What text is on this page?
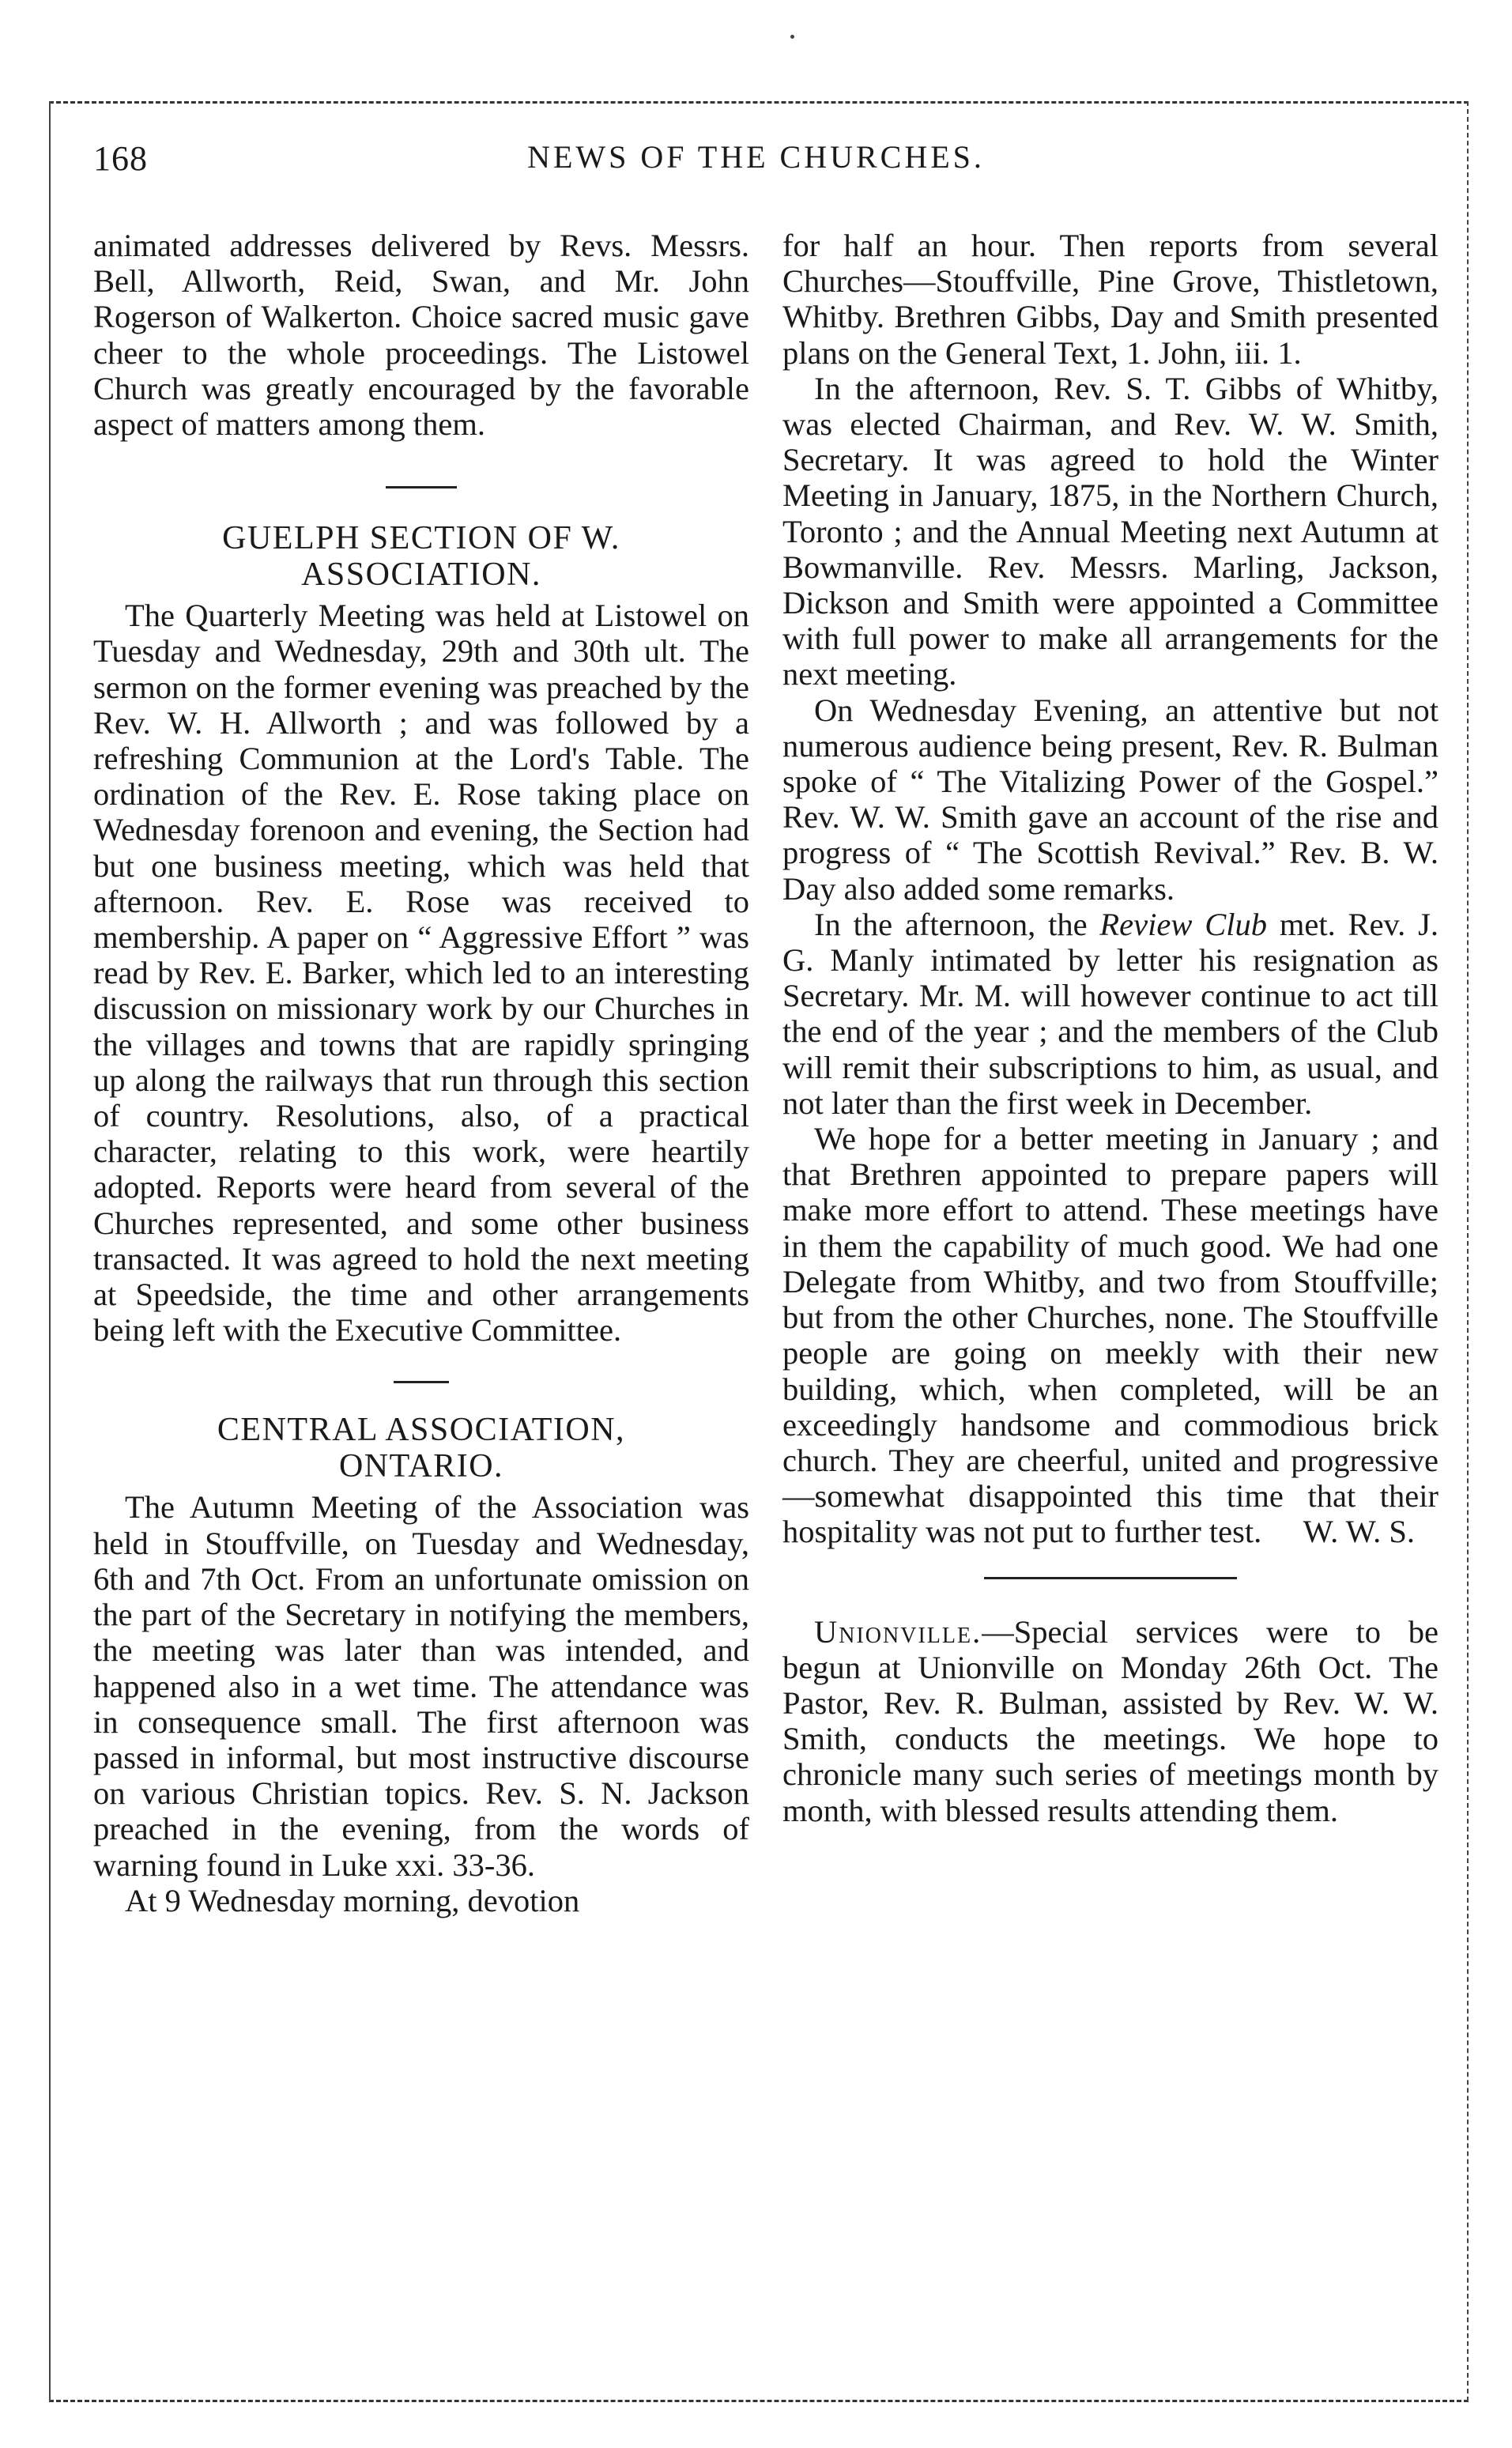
168	NEWS OF THE CHURCHES.

animated addresses delivered by Revs. Messrs. Bell, Allworth, Reid, Swan, and Mr. John Rogerson of Walkerton. Choice sacred music gave cheer to the whole proceedings. The Listowel Church was greatly encouraged by the favorable aspect of matters among them.

GUELPH SECTION OF W. ASSOCIATION.

The Quarterly Meeting was held at Listowel on Tuesday and Wednesday, 29th and 30th ult. The sermon on the former evening was preached by the Rev. W. H. Allworth ; and was followed by a refreshing Communion at the Lord's Table. The ordination of the Rev. E. Rose taking place on Wednesday forenoon and evening, the Section had but one business meeting, which was held that afternoon. Rev. E. Rose was received to membership. A paper on “ Aggressive Effort ” was read by Rev. E. Barker, which led to an interesting discussion on missionary work by our Churches in the villages and towns that are rapidly springing up along the railways that run through this section of country. Resolutions, also, of a practical character, relating to this work, were heartily adopted. Reports were heard from several of the Churches represented, and some other business transacted. It was agreed to hold the next meeting at Speedside, the time and other arrangements being left with the Executive Committee.

CENTRAL ASSOCIATION, ONTARIO.

The Autumn Meeting of the Association was held in Stouffville, on Tuesday and Wednesday, 6th and 7th Oct. From an unfortunate omission on the part of the Secretary in notifying the members, the meeting was later than was intended, and happened also in a wet time. The attendance was in consequence small. The first afternoon was passed in informal, but most instructive discourse on various Christian topics. Rev. S. N. Jackson preached in the evening, from the words of warning found in Luke xxi. 33-36.

At 9 Wednesday morning, devotion

for half an hour. Then reports from several Churches—Stouffville, Pine Grove, Thistletown, Whitby. Brethren Gibbs, Day and Smith presented plans on the General Text, 1. John, iii. 1.

In the afternoon, Rev. S. T. Gibbs of Whitby, was elected Chairman, and Rev. W. W. Smith, Secretary. It was agreed to hold the Winter Meeting in January, 1875, in the Northern Church, Toronto ; and the Annual Meeting next Autumn at Bowmanville. Rev. Messrs. Marling, Jackson, Dickson and Smith were appointed a Committee with full power to make all arrangements for the next meeting.

On Wednesday Evening, an attentive but not numerous audience being present, Rev. R. Bulman spoke of “ The Vitalizing Power of the Gospel.” Rev. W. W. Smith gave an account of the rise and progress of “ The Scottish Revival.” Rev. B. W. Day also added some remarks.

In the afternoon, the Review Club met. Rev. J. G. Manly intimated by letter his resignation as Secretary. Mr. M. will however continue to act till the end of the year ; and the members of the Club will remit their subscriptions to him, as usual, and not later than the first week in December.

We hope for a better meeting in January ; and that Brethren appointed to prepare papers will make more effort to attend. These meetings have in them the capability of much good. We had one Delegate from Whitby, and two from Stouffville; but from the other Churches, none. The Stouffville people are going on meekly with their new building, which, when completed, will be an exceedingly handsome and commodious brick church. They are cheerful, united and progressive—somewhat disappointed this time that their hospitality was not put to further test.	W. W. S.

Unionville.—Special services were to be begun at Unionville on Monday 26th Oct. The Pastor, Rev. R. Bulman, assisted by Rev. W. W. Smith, conducts the meetings. We hope to chronicle many such series of meetings month by month, with blessed results attending them.
